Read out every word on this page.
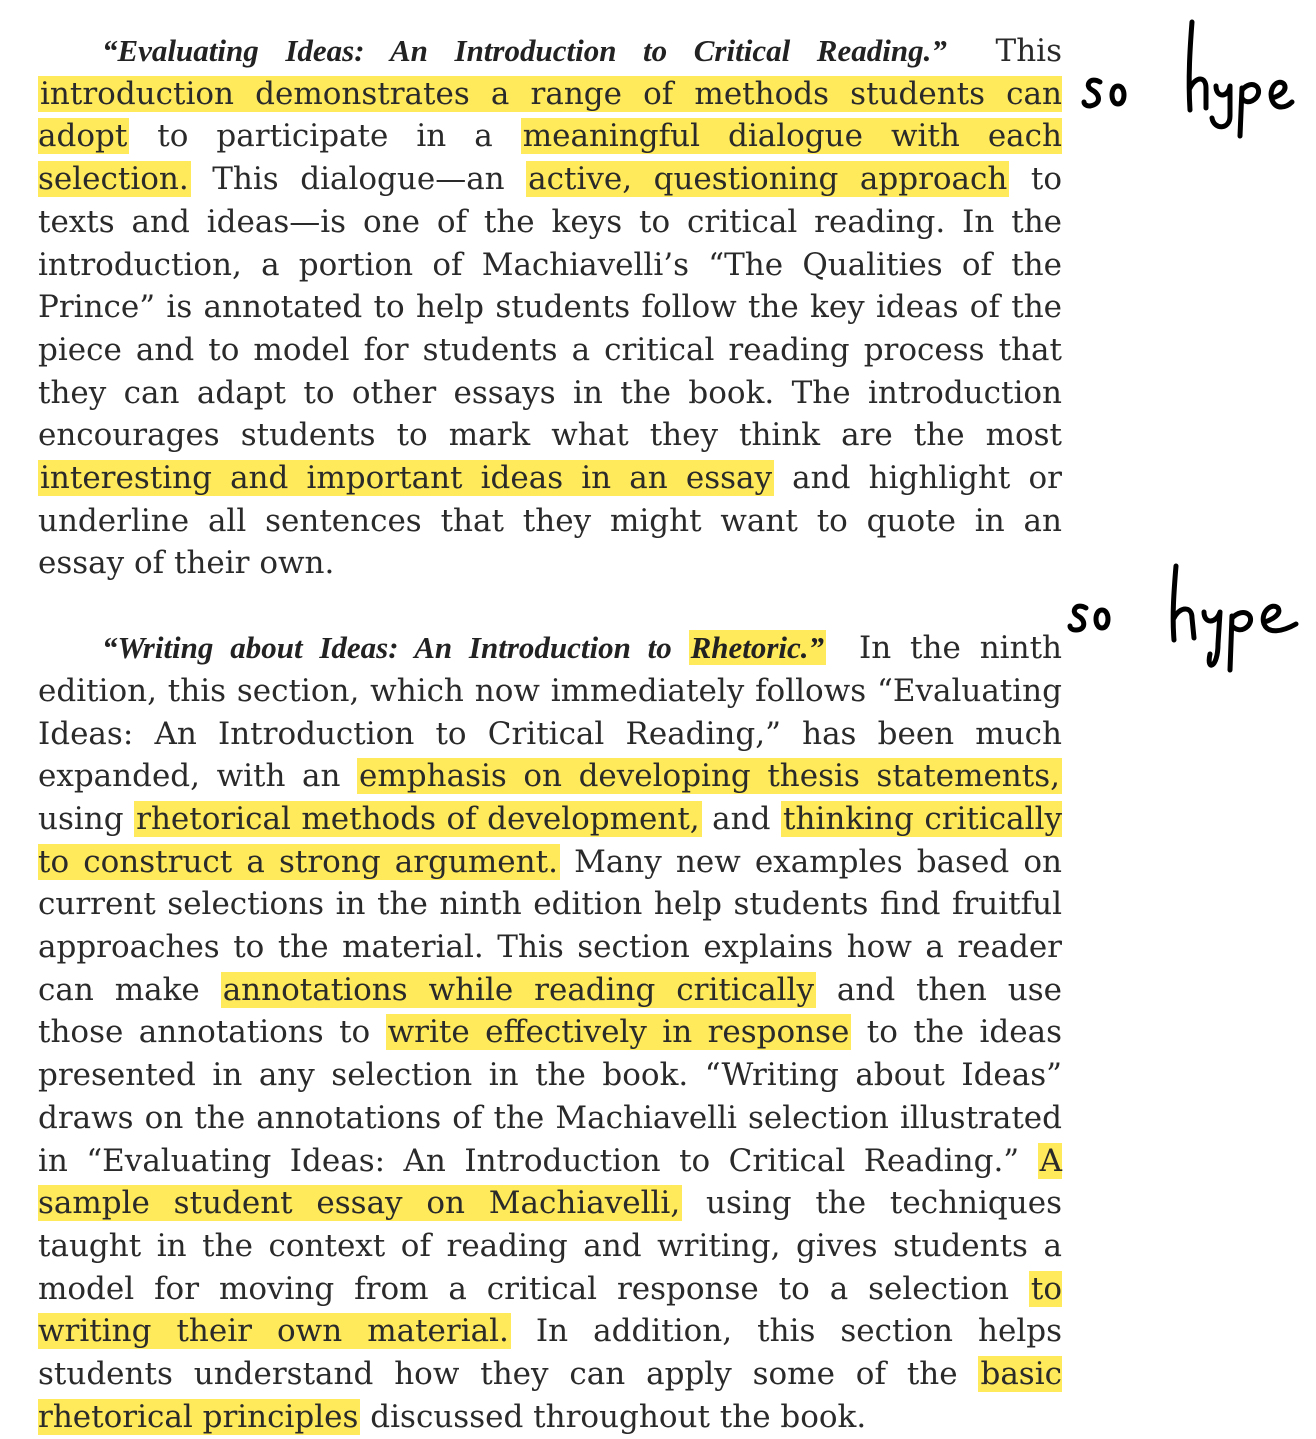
“Evaluating Ideas: An Introduction to Critical Reading.” This introduction demonstrates a range of methods students can adopt to participate in a meaningful dialogue with each selection. This dialogue—an active, questioning approach to texts and ideas—is one of the keys to critical reading. In the introduction, a portion of Machiavelli’s “The Qualities of the Prince” is annotated to help students follow the key ideas of the piece and to model for students a critical reading process that they can adapt to other essays in the book. The introduction encourages students to mark what they think are the most interesting and important ideas in an essay and highlight or underline all sentences that they might want to quote in an essay of their own.

“Writing about Ideas: An Introduction to Rhetoric.” In the ninth edition, this section, which now immediately follows “Evaluating Ideas: An Introduction to Critical Reading,” has been much expanded, with an emphasis on developing thesis statements, using rhetorical methods of development, and thinking critically to construct a strong argument. Many new examples based on current selections in the ninth edition help students find fruitful approaches to the material. This section explains how a reader can make annotations while reading critically and then use those annotations to write effectively in response to the ideas presented in any selection in the book. “Writing about Ideas” draws on the annotations of the Machiavelli selection illustrated in “Evaluating Ideas: An Introduction to Critical Reading.” A sample student essay on Machiavelli, using the techniques taught in the context of reading and writing, gives students a model for moving from a critical response to a selection to writing their own material. In addition, this section helps students understand how they can apply some of the basic rhetorical principles discussed throughout the book.
